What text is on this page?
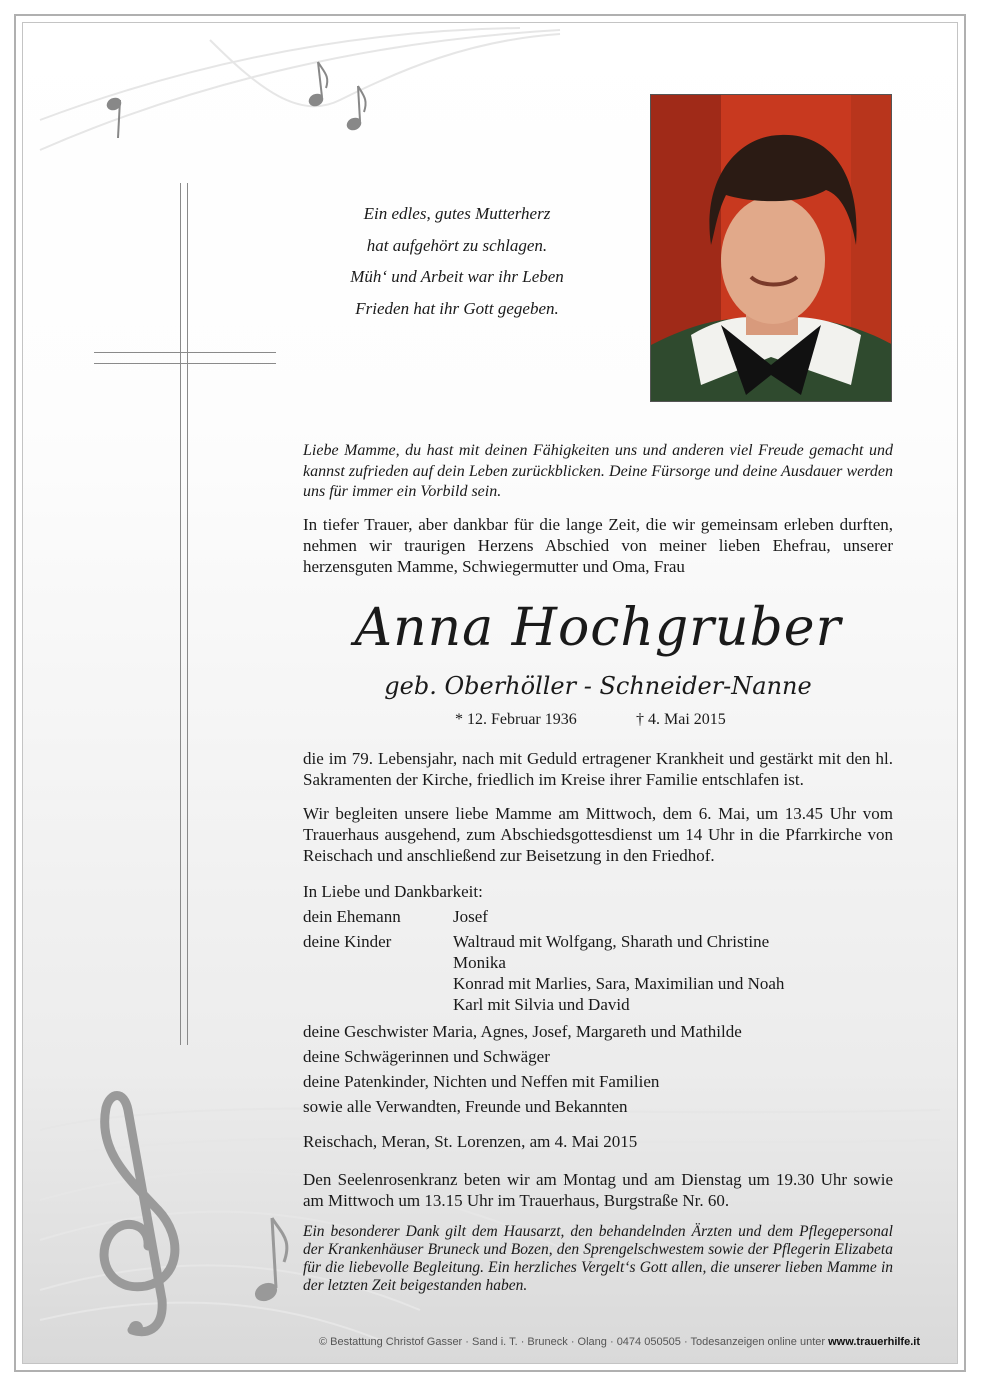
Ein edles, gutes Mutterherz
hat aufgehört zu schlagen.
Müh‘ und Arbeit war ihr Leben
Frieden hat ihr Gott gegeben.
Liebe Mamme, du hast mit deinen Fähigkeiten uns und anderen viel Freude gemacht und kannst zufrieden auf dein Leben zurückblicken. Deine Fürsorge und deine Ausdauer werden uns für immer ein Vorbild sein.
In tiefer Trauer, aber dankbar für die lange Zeit, die wir gemeinsam erleben durften, nehmen wir traurigen Herzens Abschied von meiner lieben Ehefrau, unserer herzensguten Mamme, Schwiegermutter und Oma, Frau
Anna Hochgruber
geb. Oberhöller - Schneider-Nanne
* 12. Februar 1936	† 4. Mai 2015
die im 79. Lebensjahr, nach mit Geduld ertragener Krankheit und gestärkt mit den hl. Sakramenten der Kirche, friedlich im Kreise ihrer Familie entschlafen ist.
Wir begleiten unsere liebe Mamme am Mittwoch, dem 6. Mai, um 13.45 Uhr vom Trauerhaus ausgehend, zum Abschiedsgottesdienst um 14 Uhr in die Pfarrkirche von Reischach und anschließend zur Beisetzung in den Friedhof.
In Liebe und Dankbarkeit:
dein Ehemann	Josef
deine Kinder	Waltraud mit Wolfgang, Sharath und Christine
Monika
Konrad mit Marlies, Sara, Maximilian und Noah
Karl mit Silvia und David
deine Geschwister Maria, Agnes, Josef, Margareth und Mathilde
deine Schwägerinnen und Schwäger
deine Patenkinder, Nichten und Neffen mit Familien
sowie alle Verwandten, Freunde und Bekannten
Reischach, Meran, St. Lorenzen, am 4. Mai 2015
Den Seelenrosenkranz beten wir am Montag und am Dienstag um 19.30 Uhr sowie am Mittwoch um 13.15 Uhr im Trauerhaus, Burgstraße Nr. 60.
Ein besonderer Dank gilt dem Hausarzt, den behandelnden Ärzten und dem Pflegepersonal der Krankenhäuser Bruneck und Bozen, den Sprengelschwestem sowie der Pflegerin Elizabeta für die liebevolle Begleitung. Ein herzliches Vergelt‘s Gott allen, die unserer lieben Mamme in der letzten Zeit beigestanden haben.
© Bestattung Christof Gasser · Sand i. T. · Bruneck · Olang · 0474 050505 · Todesanzeigen online unter www.trauerhilfe.it
